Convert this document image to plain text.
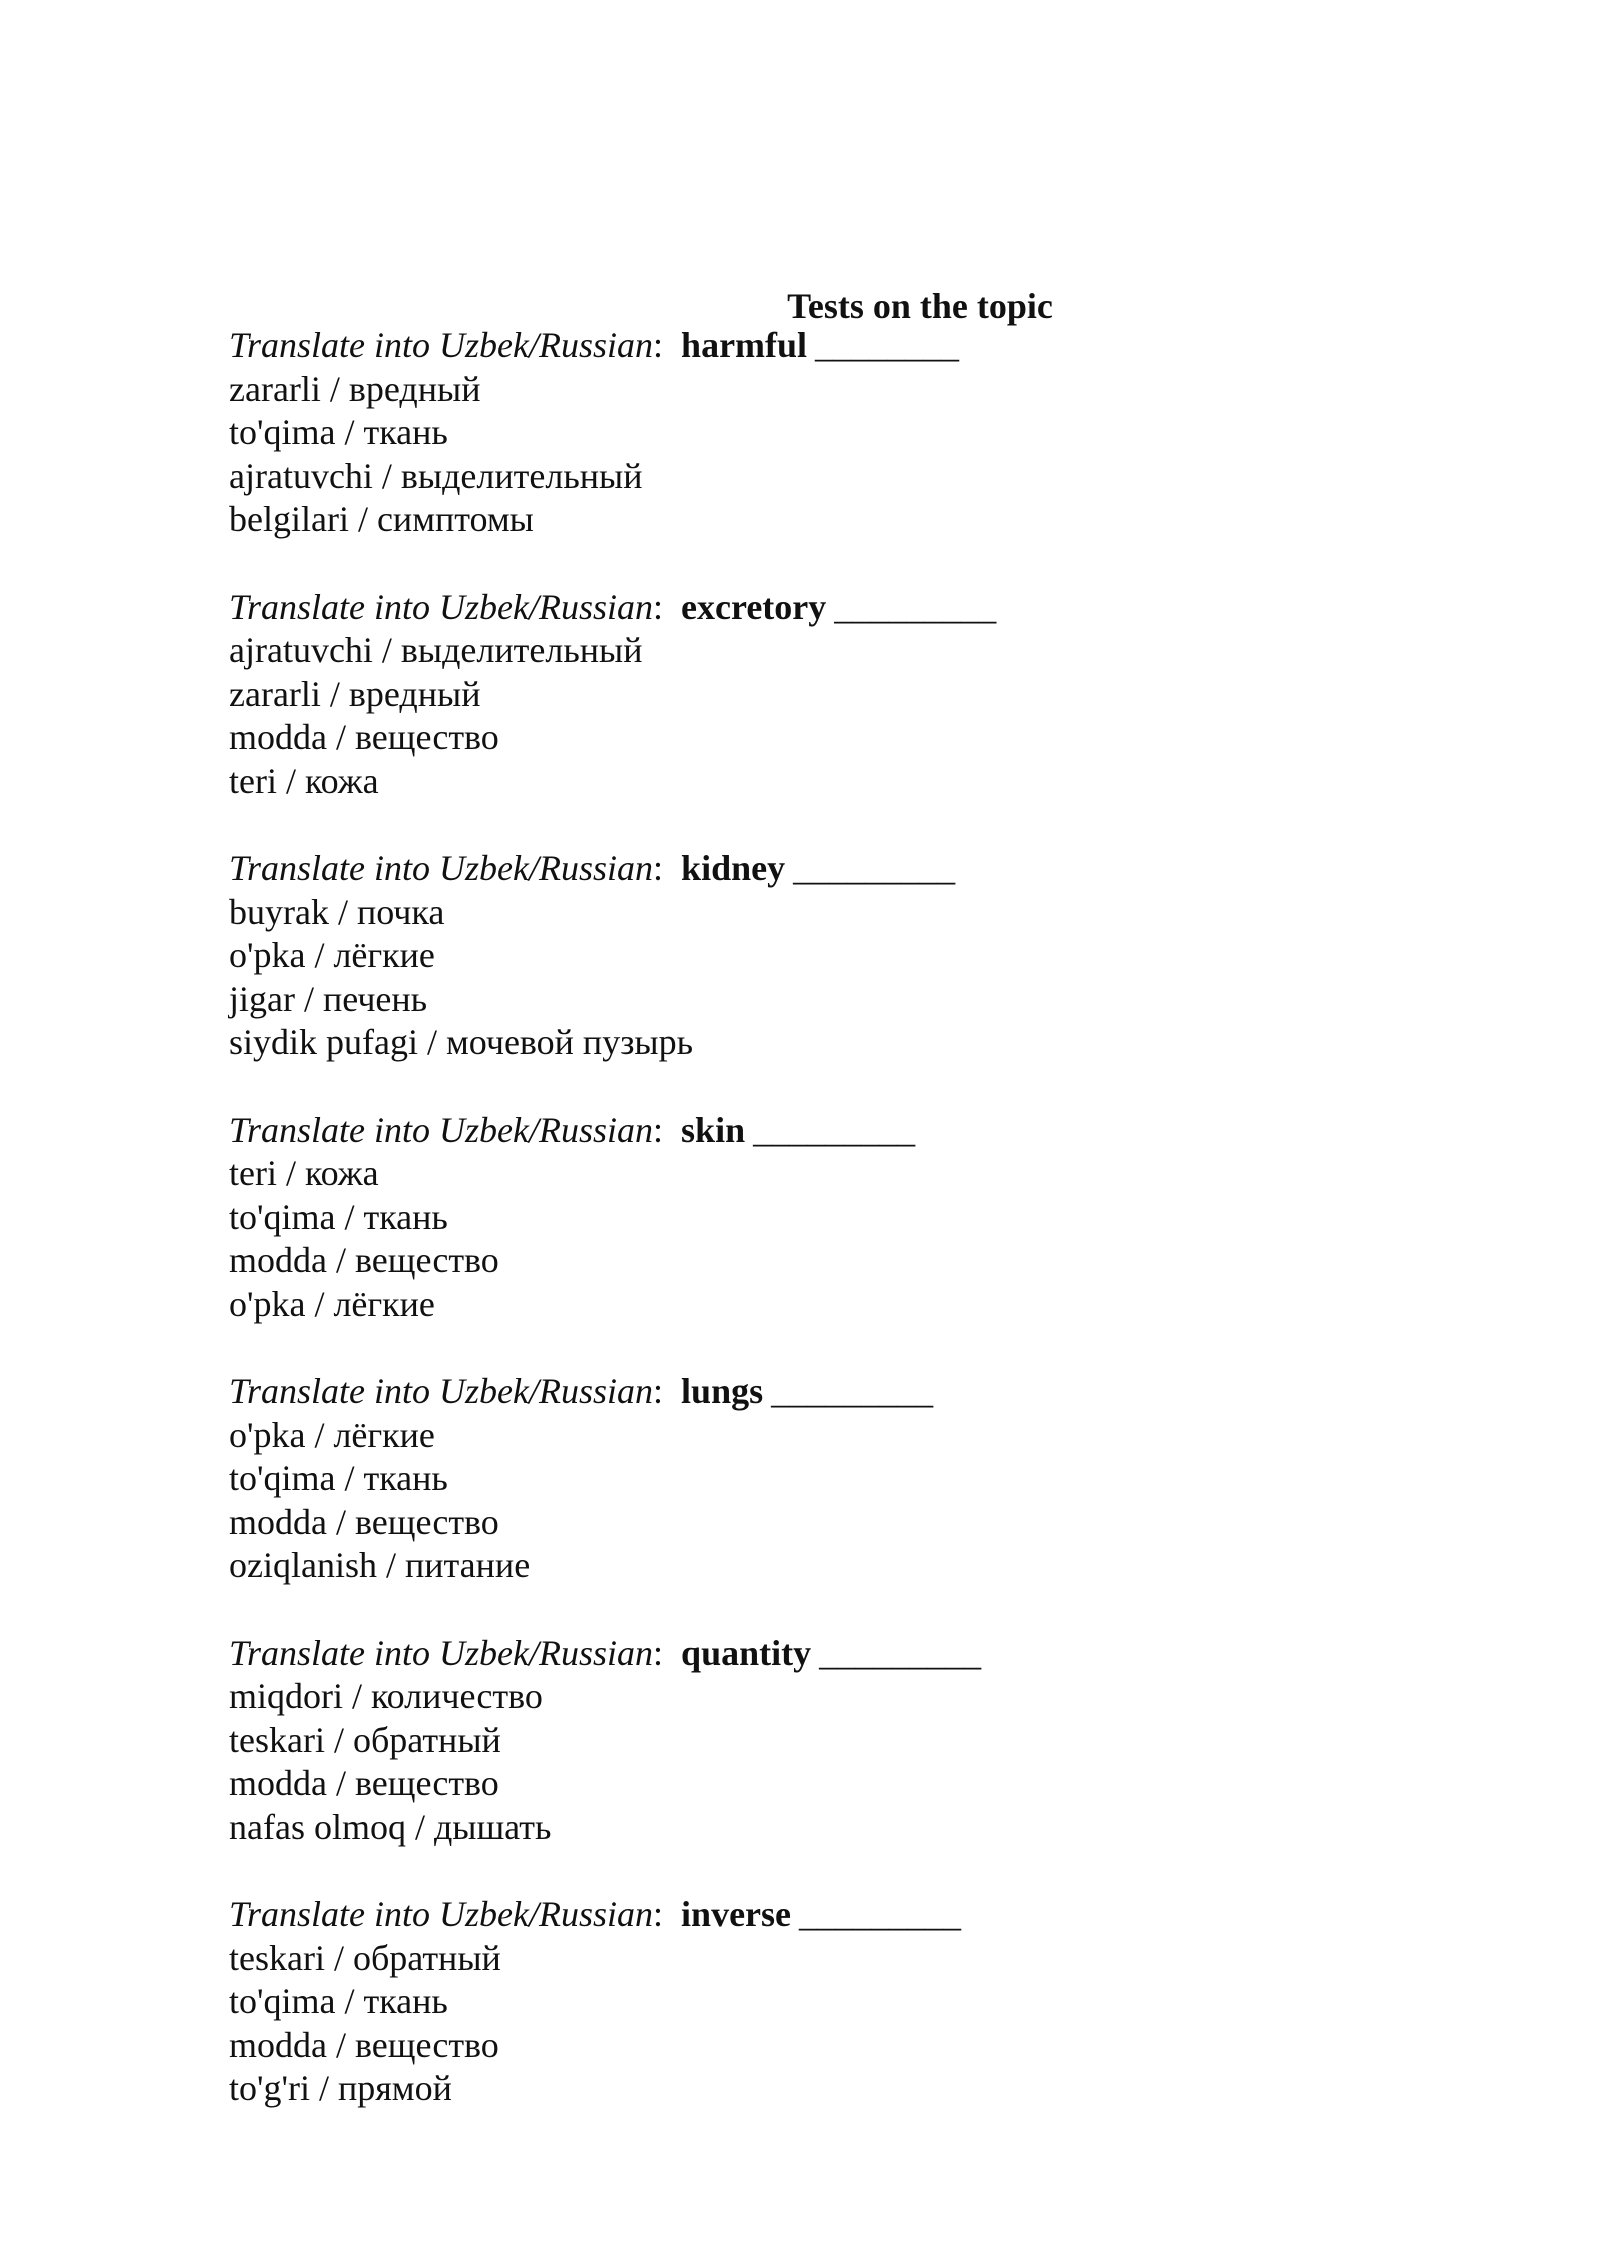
Tests on the topic
Translate into Uzbek/Russian: harmful ________
zararli / вредный
to'qima / ткань
ajratuvchi / выделительный
belgilari / симптомы
Translate into Uzbek/Russian: excretory _________
ajratuvchi / выделительный
zararli / вредный
modda / вещество
teri / кожа
Translate into Uzbek/Russian: kidney _________
buyrak / почка
o'pka / лёгкие
jigar / печень
siydik pufagi / мочевой пузырь
Translate into Uzbek/Russian: skin _________
teri / кожа
to'qima / ткань
modda / вещество
o'pka / лёгкие
Translate into Uzbek/Russian: lungs _________
o'pka / лёгкие
to'qima / ткань
modda / вещество
oziqlanish / питание
Translate into Uzbek/Russian: quantity _________
miqdori / количество
teskari / обратный
modda / вещество
nafas olmoq / дышать
Translate into Uzbek/Russian: inverse _________
teskari / обратный
to'qima / ткань
modda / вещество
to'g'ri / прямой
